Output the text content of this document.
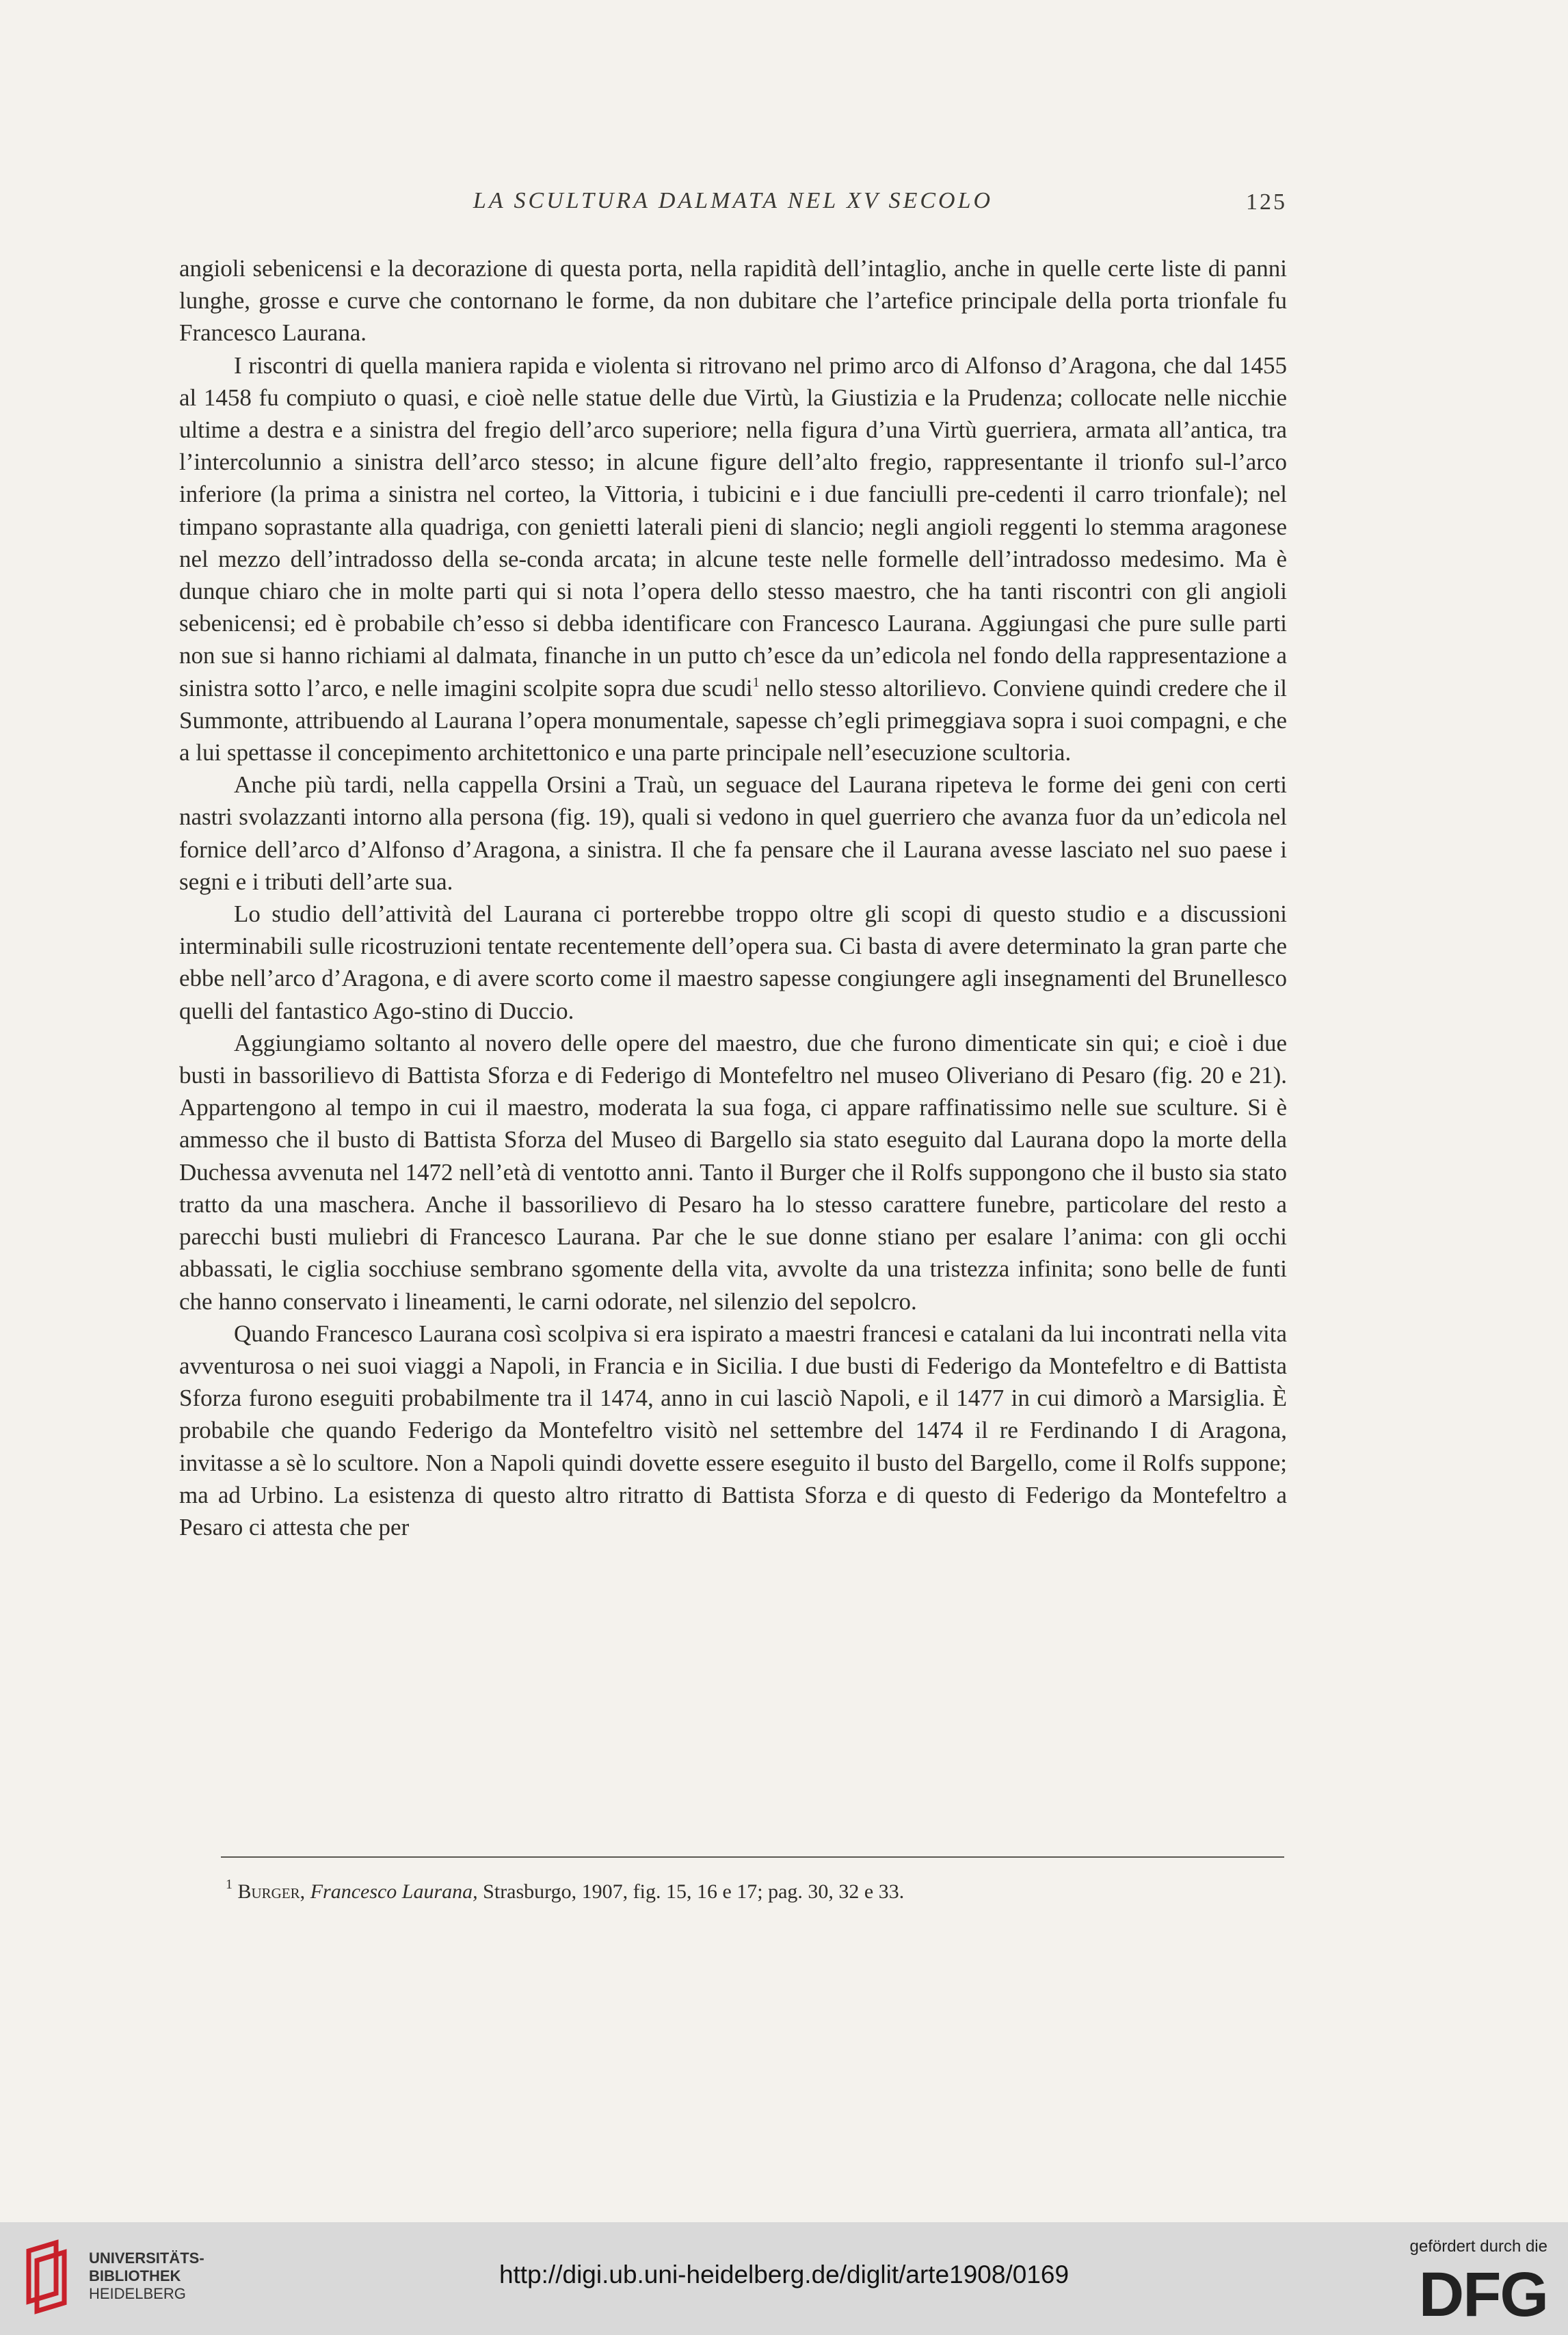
LA SCULTURA DALMATA NEL XV SECOLO	125

angioli sebenicensi e la decorazione di questa porta, nella rapidità dell’intaglio, anche in quelle certe liste di panni lunghe, grosse e curve che contornano le forme, da non dubitare che l’artefice principale della porta trionfale fu Francesco Laurana.

I riscontri di quella maniera rapida e violenta si ritrovano nel primo arco di Alfonso d’Aragona, che dal 1455 al 1458 fu compiuto o quasi, e cioè nelle statue delle due Virtù, la Giustizia e la Prudenza; collocate nelle nicchie ultime a destra e a sinistra del fregio dell’arco superiore; nella figura d’una Virtù guerriera, armata all’antica, tra l’intercolunnio a sinistra dell’arco stesso; in alcune figure dell’alto fregio, rappresentante il trionfo sul-l’arco inferiore (la prima a sinistra nel corteo, la Vittoria, i tubicini e i due fanciulli pre-cedenti il carro trionfale); nel timpano soprastante alla quadriga, con genietti laterali pieni di slancio; negli angioli reggenti lo stemma aragonese nel mezzo dell’intradosso della se-conda arcata; in alcune teste nelle formelle dell’intradosso medesimo. Ma è dunque chiaro che in molte parti qui si nota l’opera dello stesso maestro, che ha tanti riscontri con gli angioli sebenicensi; ed è probabile ch’esso si debba identificare con Francesco Laurana. Aggiungasi che pure sulle parti non sue si hanno richiami al dalmata, finanche in un putto ch’esce da un’edicola nel fondo della rappresentazione a sinistra sotto l’arco, e nelle imagini scolpite sopra due scudi$^1$ nello stesso altorilievo. Conviene quindi credere che il Summonte, attribuendo al Laurana l’opera monumentale, sapesse ch’egli primeggiava sopra i suoi compagni, e che a lui spettasse il concepimento architettonico e una parte principale nell’esecuzione scultoria.

Anche più tardi, nella cappella Orsini a Traù, un seguace del Laurana ripeteva le forme dei geni con certi nastri svolazzanti intorno alla persona (fig. 19), quali si vedono in quel guerriero che avanza fuor da un’edicola nel fornice dell’arco d’Alfonso d’Aragona, a sinistra. Il che fa pensare che il Laurana avesse lasciato nel suo paese i segni e i tributi dell’arte sua.

Lo studio dell’attività del Laurana ci porterebbe troppo oltre gli scopi di questo studio e a discussioni interminabili sulle ricostruzioni tentate recentemente dell’opera sua. Ci basta di avere determinato la gran parte che ebbe nell’arco d’Aragona, e di avere scorto come il maestro sapesse congiungere agli insegnamenti del Brunellesco quelli del fantastico Ago-stino di Duccio.

Aggiungiamo soltanto al novero delle opere del maestro, due che furono dimenticate sin qui; e cioè i due busti in bassorilievo di Battista Sforza e di Federigo di Montefeltro nel museo Oliveriano di Pesaro (fig. 20 e 21). Appartengono al tempo in cui il maestro, moderata la sua foga, ci appare raffinatissimo nelle sue sculture. Si è ammesso che il busto di Battista Sforza del Museo di Bargello sia stato eseguito dal Laurana dopo la morte della Duchessa avvenuta nel 1472 nell’età di ventotto anni. Tanto il Burger che il Rolfs suppongono che il busto sia stato tratto da una maschera. Anche il bassorilievo di Pesaro ha lo stesso carattere funebre, particolare del resto a parecchi busti muliebri di Francesco Laurana. Par che le sue donne stiano per esalare l’anima: con gli occhi abbassati, le ciglia socchiuse sembrano sgomente della vita, avvolte da una tristezza infinita; sono belle de funti che hanno conservato i lineamenti, le carni odorate, nel silenzio del sepolcro.

Quando Francesco Laurana così scolpiva si era ispirato a maestri francesi e catalani da lui incontrati nella vita avventurosa o nei suoi viaggi a Napoli, in Francia e in Sicilia. I due busti di Federigo da Montefeltro e di Battista Sforza furono eseguiti probabilmente tra il 1474, anno in cui lasciò Napoli, e il 1477 in cui dimorò a Marsiglia. È probabile che quando Federigo da Montefeltro visitò nel settembre del 1474 il re Ferdinando I di Aragona, invitasse a sè lo scultore. Non a Napoli quindi dovette essere eseguito il busto del Bargello, come il Rolfs suppone; ma ad Urbino. La esistenza di questo altro ritratto di Battista Sforza e di questo di Federigo da Montefeltro a Pesaro ci attesta che per

$^1$ Burger, Francesco Laurana, Strasburgo, 1907, fig. 15, 16 e 17; pag. 30, 32 e 33.
UNIVERSITÄTS-
BIBLIOTHEK
HEIDELBERG
http://digi.ub.uni-heidelberg.de/diglit/arte1908/0169
gefördert durch die
DFG
